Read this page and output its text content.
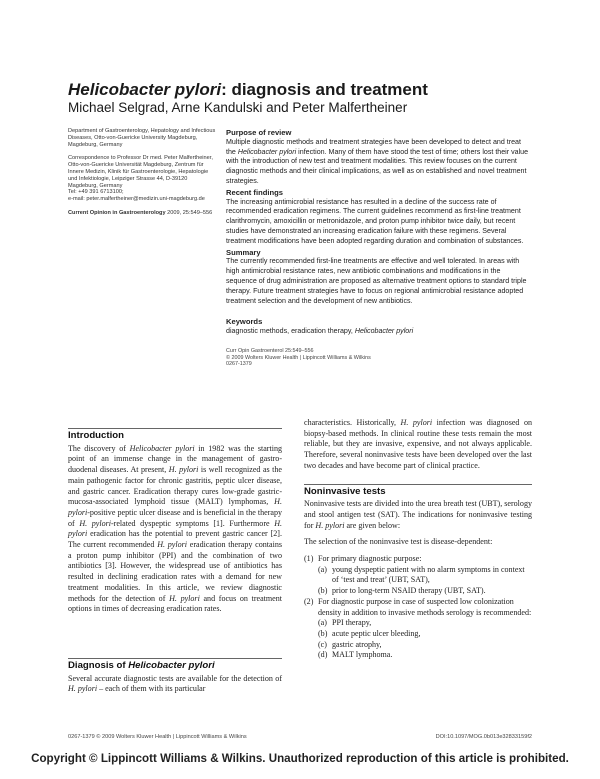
Helicobacter pylori: diagnosis and treatment
Michael Selgrad, Arne Kandulski and Peter Malfertheiner

Department of Gastroenterology, Hepatology and Infectious Diseases, Otto-von-Guericke University Magdeburg, Magdeburg, Germany

Correspondence to Professor Dr med. Peter Malfertheiner, Otto-von-Guericke Universität Magdeburg, Zentrum für Innere Medizin, Klinik für Gastroenterologie, Hepatologie und Infektiologie, Leipziger Strasse 44, D-39120 Magdeburg, Germany
Tel: +49 391 6713100;
e-mail: peter.malfertheiner@medizin.uni-magdeburg.de

Current Opinion in Gastroenterology 2009, 25:549–556

Purpose of review

Multiple diagnostic methods and treatment strategies have been developed to detect and treat the Helicobacter pylori infection. Many of them have stood the test of time; others lost their value with the introduction of new test and treatment modalities. This review focuses on the current diagnostic methods and their clinical implications, as well as on established and novel treatment strategies.

Recent findings

The increasing antimicrobial resistance has resulted in a decline of the success rate of recommended eradication regimens. The current guidelines recommend as first-line treatment clarithromycin, amoxicillin or metronidazole, and proton pump inhibitor twice daily, but recent studies have demonstrated an increasing eradication failure with these regimens. Several treatment modifications have been adopted regarding duration and combination of substances.

Summary

The currently recommended first-line treatments are effective and well tolerated. In areas with high antimicrobial resistance rates, new antibiotic combinations and modifications in the sequence of drug administration are proposed as alternative treatment options to standard triple therapy. Future treatment strategies have to focus on regional antimicrobial resistance adopted treatment selection and the development of new antibiotics.

Keywords

diagnostic methods, eradication therapy, Helicobacter pylori

Curr Opin Gastroenterol 25:549–556
© 2009 Wolters Kluwer Health | Lippincott Williams & Wilkins
0267-1379
Introduction

The discovery of Helicobacter pylori in 1982 was the starting point of an immense change in the management of gastro-duodenal diseases. At present, H. pylori is well recognized as the main pathogenic factor for chronic gastritis, peptic ulcer disease, and gastric cancer. Eradication therapy cures low-grade gastric-mucosa-associated lymphoid tissue (MALT) lymphomas, H. pylori-positive peptic ulcer disease and is beneficial in the therapy of H. pylori-related dyspeptic symptoms [1]. Furthermore H. pylori eradication has the potential to prevent gastric cancer [2]. The current recommended H. pylori eradication therapy contains a proton pump inhibitor (PPI) and the combination of two antibiotics [3]. However, the widespread use of antibiotics has resulted in declining eradication rates with a demand for new treatment modalities. In this article, we review diagnostic methods for the detection of H. pylori and focus on treatment options in times of decreasing eradication rates.

Diagnosis of Helicobacter pylori

Several accurate diagnostic tests are available for the detection of H. pylori – each of them with its particular

characteristics. Historically, H. pylori infection was diagnosed on biopsy-based methods. In clinical routine these tests remain the most reliable, but they are invasive, expensive, and not always applicable. Therefore, several noninvasive tests have been developed over the last two decades and have become part of clinical practice.

Noninvasive tests

Noninvasive tests are divided into the urea breath test (UBT), serology and stool antigen test (SAT). The indications for noninvasive testing for H. pylori are given below:

The selection of the noninvasive test is disease-dependent:

(1) For primary diagnostic purpose:
(a) young dyspeptic patient with no alarm symptoms in context of ‘test and treat’ (UBT, SAT),
(b) prior to long-term NSAID therapy (UBT, SAT).
(2) For diagnostic purpose in case of suspected low colonization density in addition to invasive methods serology is recommended:
(a) PPI therapy,
(b) acute peptic ulcer bleeding,
(c) gastric atrophy,
(d) MALT lymphoma.
0267-1379 © 2009 Wolters Kluwer Health | Lippincott Williams & Wilkins	DOI:10.1097/MOG.0b013e32833159f2
Copyright © Lippincott Williams & Wilkins. Unauthorized reproduction of this article is prohibited.
